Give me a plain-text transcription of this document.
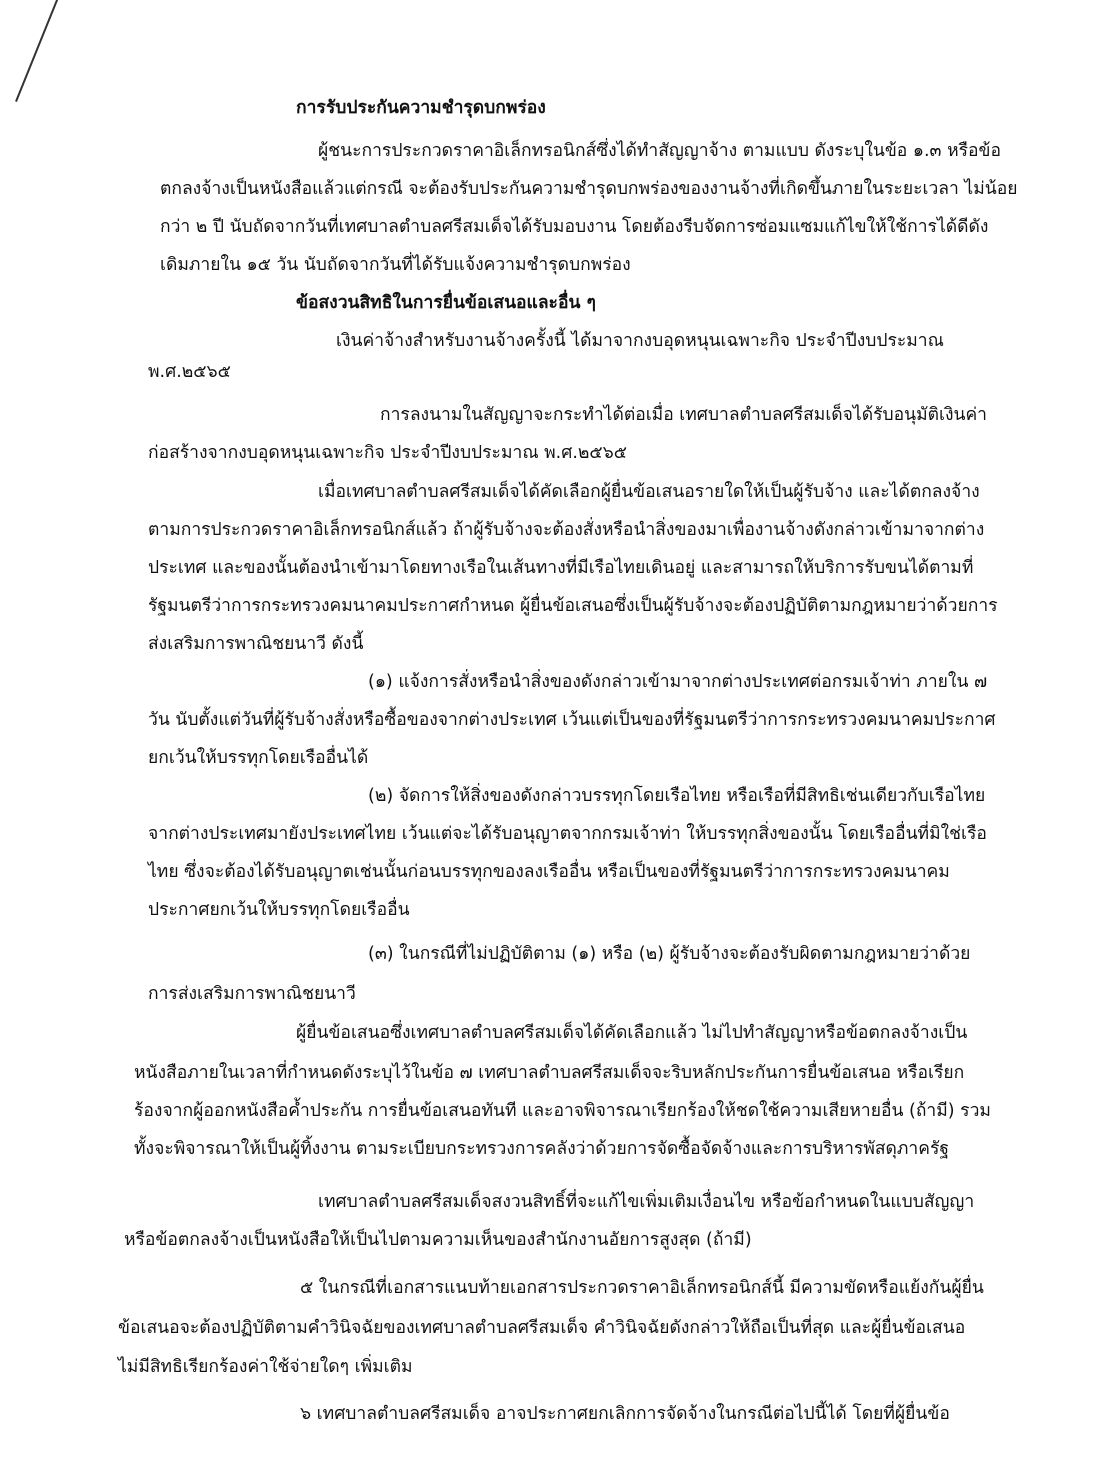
การรับประกันความชำรุดบกพร่อง
ผู้ชนะการประกวดราคาอิเล็กทรอนิกส์ซึ่งได้ทำสัญญาจ้าง ตามแบบ ดังระบุในข้อ ๑.๓ หรือข้อ
ตกลงจ้างเป็นหนังสือแล้วแต่กรณี จะต้องรับประกันความชำรุดบกพร่องของงานจ้างที่เกิดขึ้นภายในระยะเวลา ไม่น้อย
กว่า ๒ ปี นับถัดจากวันที่เทศบาลตำบลศรีสมเด็จได้รับมอบงาน โดยต้องรีบจัดการซ่อมแซมแก้ไขให้ใช้การได้ดีดัง
เดิมภายใน ๑๕ วัน นับถัดจากวันที่ได้รับแจ้งความชำรุดบกพร่อง
ข้อสงวนสิทธิในการยื่นข้อเสนอและอื่น ๆ
เงินค่าจ้างสำหรับงานจ้างครั้งนี้ ได้มาจากงบอุดหนุนเฉพาะกิจ ประจำปีงบประมาณ
พ.ศ.๒๕๖๕
การลงนามในสัญญาจะกระทำได้ต่อเมื่อ เทศบาลตำบลศรีสมเด็จได้รับอนุมัติเงินค่า
ก่อสร้างจากงบอุดหนุนเฉพาะกิจ ประจำปีงบประมาณ พ.ศ.๒๕๖๕
เมื่อเทศบาลตำบลศรีสมเด็จได้คัดเลือกผู้ยื่นข้อเสนอรายใดให้เป็นผู้รับจ้าง และได้ตกลงจ้าง
ตามการประกวดราคาอิเล็กทรอนิกส์แล้ว ถ้าผู้รับจ้างจะต้องสั่งหรือนำสิ่งของมาเพื่องานจ้างดังกล่าวเข้ามาจากต่าง
ประเทศ และของนั้นต้องนำเข้ามาโดยทางเรือในเส้นทางที่มีเรือไทยเดินอยู่ และสามารถให้บริการรับขนได้ตามที่
รัฐมนตรีว่าการกระทรวงคมนาคมประกาศกำหนด ผู้ยื่นข้อเสนอซึ่งเป็นผู้รับจ้างจะต้องปฏิบัติตามกฎหมายว่าด้วยการ
ส่งเสริมการพาณิชยนาวี ดังนี้
(๑) แจ้งการสั่งหรือนำสิ่งของดังกล่าวเข้ามาจากต่างประเทศต่อกรมเจ้าท่า ภายใน ๗
วัน นับตั้งแต่วันที่ผู้รับจ้างสั่งหรือซื้อของจากต่างประเทศ เว้นแต่เป็นของที่รัฐมนตรีว่าการกระทรวงคมนาคมประกาศ
ยกเว้นให้บรรทุกโดยเรืออื่นได้
(๒) จัดการให้สิ่งของดังกล่าวบรรทุกโดยเรือไทย หรือเรือที่มีสิทธิเช่นเดียวกับเรือไทย
จากต่างประเทศมายังประเทศไทย เว้นแต่จะได้รับอนุญาตจากกรมเจ้าท่า ให้บรรทุกสิ่งของนั้น โดยเรืออื่นที่มิใช่เรือ
ไทย ซึ่งจะต้องได้รับอนุญาตเช่นนั้นก่อนบรรทุกของลงเรืออื่น หรือเป็นของที่รัฐมนตรีว่าการกระทรวงคมนาคม
ประกาศยกเว้นให้บรรทุกโดยเรืออื่น
(๓) ในกรณีที่ไม่ปฏิบัติตาม (๑) หรือ (๒) ผู้รับจ้างจะต้องรับผิดตามกฎหมายว่าด้วย
การส่งเสริมการพาณิชยนาวี
ผู้ยื่นข้อเสนอซึ่งเทศบาลตำบลศรีสมเด็จได้คัดเลือกแล้ว ไม่ไปทำสัญญาหรือข้อตกลงจ้างเป็น
หนังสือภายในเวลาที่กำหนดดังระบุไว้ในข้อ ๗ เทศบาลตำบลศรีสมเด็จจะริบหลักประกันการยื่นข้อเสนอ หรือเรียก
ร้องจากผู้ออกหนังสือค้ำประกัน การยื่นข้อเสนอทันที และอาจพิจารณาเรียกร้องให้ชดใช้ความเสียหายอื่น (ถ้ามี) รวม
ทั้งจะพิจารณาให้เป็นผู้ทิ้งงาน ตามระเบียบกระทรวงการคลังว่าด้วยการจัดซื้อจัดจ้างและการบริหารพัสดุภาครัฐ
เทศบาลตำบลศรีสมเด็จสงวนสิทธิ์ที่จะแก้ไขเพิ่มเติมเงื่อนไข หรือข้อกำหนดในแบบสัญญา
หรือข้อตกลงจ้างเป็นหนังสือให้เป็นไปตามความเห็นของสำนักงานอัยการสูงสุด (ถ้ามี)
๕ ในกรณีที่เอกสารแนบท้ายเอกสารประกวดราคาอิเล็กทรอนิกส์นี้ มีความขัดหรือแย้งกันผู้ยื่น
ข้อเสนอจะต้องปฏิบัติตามคำวินิจฉัยของเทศบาลตำบลศรีสมเด็จ คำวินิจฉัยดังกล่าวให้ถือเป็นที่สุด และผู้ยื่นข้อเสนอ
ไม่มีสิทธิเรียกร้องค่าใช้จ่ายใดๆ เพิ่มเติม
๖ เทศบาลตำบลศรีสมเด็จ อาจประกาศยกเลิกการจัดจ้างในกรณีต่อไปนี้ได้ โดยที่ผู้ยื่นข้อ
